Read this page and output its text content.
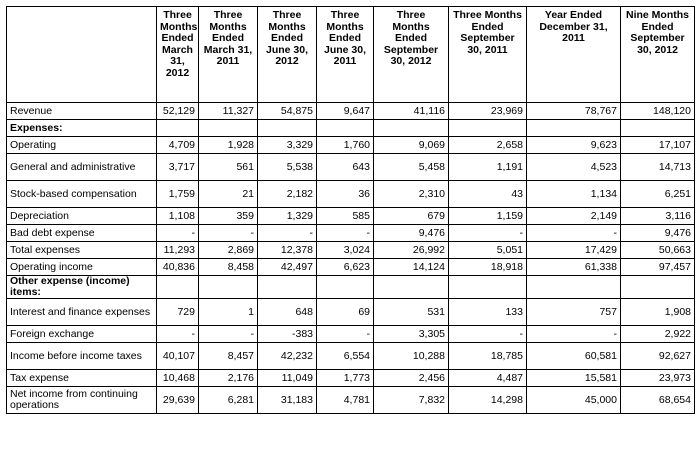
	Three Months Ended March 31, 2012	Three Months Ended March 31, 2011	Three Months Ended June 30, 2012	Three Months Ended June 30, 2011	Three Months Ended September 30, 2012	Three Months Ended September 30, 2011	Year Ended December 31, 2011	Nine Months Ended September 30, 2012
Revenue	52,129	11,327	54,875	9,647	41,116	23,969	78,767	148,120
Expenses:								
Operating	4,709	1,928	3,329	1,760	9,069	2,658	9,623	17,107
General and administrative	3,717	561	5,538	643	5,458	1,191	4,523	14,713
Stock-based compensation	1,759	21	2,182	36	2,310	43	1,134	6,251
Depreciation	1,108	359	1,329	585	679	1,159	2,149	3,116
Bad debt expense	-	-	-	-	9,476	-	-	9,476
Total expenses	11,293	2,869	12,378	3,024	26,992	5,051	17,429	50,663
Operating income	40,836	8,458	42,497	6,623	14,124	18,918	61,338	97,457
Other expense (income) items:								
Interest and finance expenses	729	1	648	69	531	133	757	1,908
Foreign exchange	-	-	-383	-	3,305	-	-	2,922
Income before income taxes	40,107	8,457	42,232	6,554	10,288	18,785	60,581	92,627
Tax expense	10,468	2,176	11,049	1,773	2,456	4,487	15,581	23,973
Net income from continuing operations	29,639	6,281	31,183	4,781	7,832	14,298	45,000	68,654
